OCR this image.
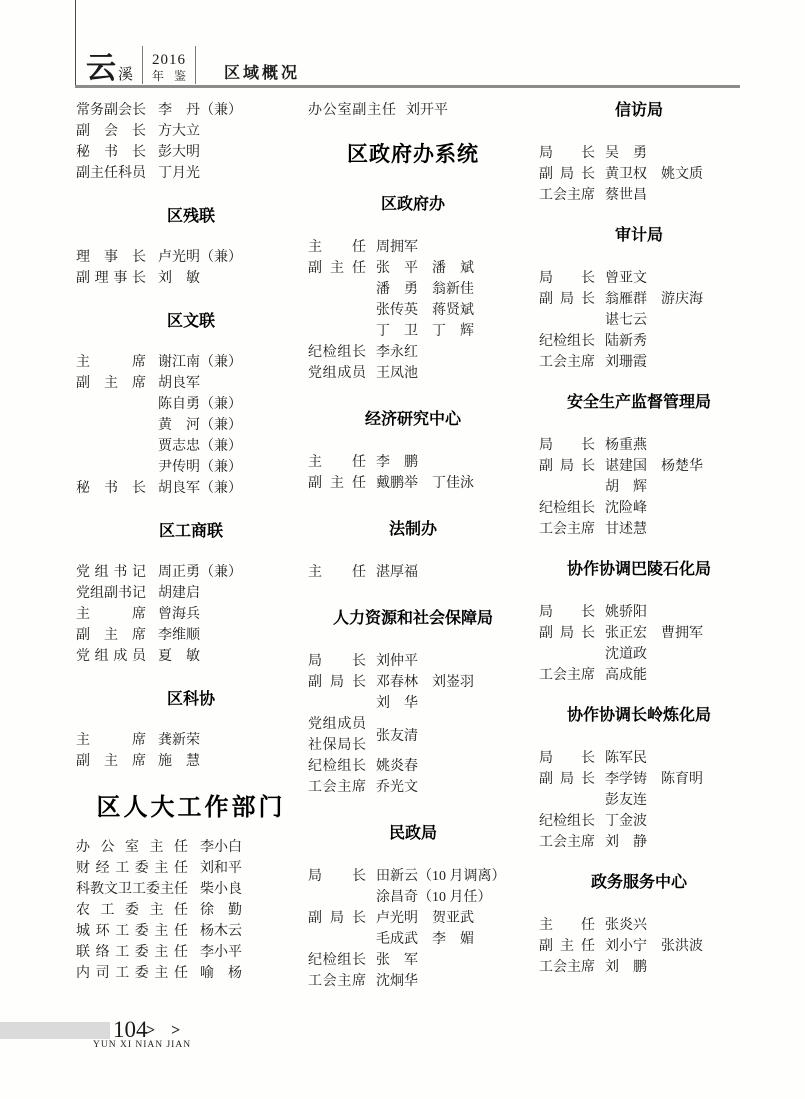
云 溪
2016
年鉴 区域概况
常务副会长 李　丹（兼）
副会长 方大立
秘书长 彭大明
副主任科员 丁月光
区残联
理事长 卢光明（兼）
副理事长 刘　敏
区文联
主席 谢江南（兼）
副主席 胡良军
陈自勇（兼）
黄　河（兼）
贾志忠（兼）
尹传明（兼）
秘书长 胡良军（兼）
区工商联
党组书记 周正勇（兼）
党组副书记 胡建启
主席 曾海兵
副主席 李维顺
党组成员 夏　敏
区科协
主席 龚新荣
副主席 施　慧
区人大工作部门
办公室主任 李小白
财经工委主任 刘和平
科教文卫工委主任 柴小良
农工委主任 徐　勤
城环工委主任 杨木云
联络工委主任 李小平
内司工委主任 喻　杨
办公室副主任 刘开平
区政府办系统
区政府办
主任 周拥军
副主任 张　平　潘　斌
潘　勇　翁新佳
张传英　蒋贤斌
丁　卫　丁　辉
纪检组长 李永红
党组成员 王凤池
经济研究中心
主任 李　鹏
副主任 戴鹏举　丁佳泳
法制办
主任 湛厚福
人力资源和社会保障局
局长 刘仲平
副局长 邓春林　刘崟羽
刘　华
党组成员
社保局长
张友清
纪检组长 姚炎春
工会主席 乔光文
民政局
局长 田新云（10 月调离）
涂昌奇（10 月任）
副局长 卢光明　贺亚武
毛成武　李　媚
纪检组长 张　军
工会主席 沈炯华
信访局
局长 吴　勇
副局长 黄卫权　姚文质
工会主席 蔡世昌
审计局
局长 曾亚文
副局长 翁雁群　游庆海
谌七云
纪检组长 陆新秀
工会主席 刘珊霞
安全生产监督管理局
局长 杨重燕
副局长 谌建国　杨楚华
胡　辉
纪检组长 沈险峰
工会主席 甘述慧
协作协调巴陵石化局
局长 姚骄阳
副局长 张正宏　曹拥军
沈道政
工会主席 高成能
协作协调长岭炼化局
局长 陈军民
副局长 李学铸　陈育明
彭友连
纪检组长 丁金波
工会主席 刘　静
政务服务中心
主任 张炎兴
副主任 刘小宁　张洪波
工会主席 刘　鹏
104
> >
YUN XI NIAN JIAN
